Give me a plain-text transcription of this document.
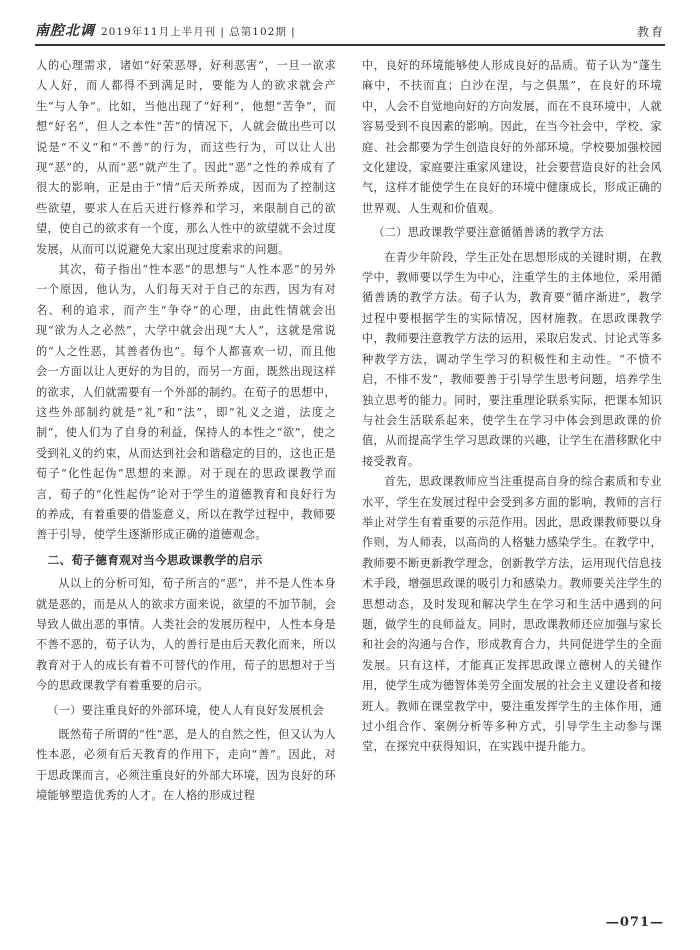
南腔北调 2019年11月上半月刊 | 总第102期 |	教育

人的心理需求，诸如“好荣恶辱，好利恶害”，一旦一欲求人人好，而人都得不到满足时，要能为人的欲求就会产生“与人争”。比如，当他出现了“好利”，他想“苦争”，而想“好名”，但人之本性“苦”的情况下，人就会做出些可以说是“不义”和“不善”的行为，而这些行为，可以让人出现“恶”的，从而“恶”就产生了。因此“恶”之性的养成有了很大的影响，正是由于“情”后天所养成，因而为了控制这些欲望，要求人在后天进行修养和学习，来限制自己的欲望，使自己的欲求有一个度，那么人性中的欲望就不会过度发展，从而可以说避免大家出现过度索求的问题。

其次，荀子指出“性本恶”的思想与“人性本恶”的另外一个原因，他认为，人们每天对于自己的东西，因为有对名、利的追求，而产生“争夺”的心理，由此性情就会出现“欲为人之必然”，大学中就会出现“大人”，这就是常说的“人之性恶，其善者伪也”。每个人都喜欢一切，而且他会一方面以让人更好的为目的，而另一方面，既然出现这样的欲求，人们就需要有一个外部的制约。在荀子的思想中，这些外部制约就是“礼”和“法”，即“礼义之道，法度之制”，使人们为了自身的利益，保持人的本性之“欲”，使之受到礼义的约束，从而达到社会和谐稳定的目的，这也正是荀子“化性起伪”思想的来源。对于现在的思政课教学而言，荀子的“化性起伪”论对于学生的道德教育和良好行为的养成，有着重要的借鉴意义，所以在教学过程中，教师要善于引导，使学生逐渐形成正确的道德观念。

二、荀子德育观对当今思政课教学的启示

从以上的分析可知，荀子所言的“恶”，并不是人性本身就是恶的，而是从人的欲求方面来说，欲望的不加节制，会导致人做出恶的事情。人类社会的发展历程中，人性本身是不善不恶的，荀子认为，人的善行是由后天教化而来，所以教育对于人的成长有着不可替代的作用，荀子的思想对于当今的思政课教学有着重要的启示。

（一）要注重良好的外部环境，使人人有良好发展机会

既然荀子所谓的“性”恶，是人的自然之性，但又认为人性本恶，必须有后天教育的作用下，走向“善”。因此，对于思政课而言，必须注重良好的外部大环境，因为良好的环境能够塑造优秀的人才。在人格的形成过程

中，良好的环境能够使人形成良好的品质。荀子认为“蓬生麻中，不扶而直；白沙在涅，与之俱黑”，在良好的环境中，人会不自觉地向好的方向发展，而在不良环境中，人就容易受到不良因素的影响。因此，在当今社会中，学校、家庭、社会都要为学生创造良好的外部环境。学校要加强校园文化建设，家庭要注重家风建设，社会要营造良好的社会风气，这样才能使学生在良好的环境中健康成长，形成正确的世界观、人生观和价值观。

（二）思政课教学要注意循循善诱的教学方法

在青少年阶段，学生正处在思想形成的关键时期，在教学中，教师要以学生为中心，注重学生的主体地位，采用循循善诱的教学方法。荀子认为，教育要“循序渐进”，教学过程中要根据学生的实际情况，因材施教。在思政课教学中，教师要注意教学方法的运用，采取启发式、讨论式等多种教学方法，调动学生学习的积极性和主动性。“不愤不启，不悱不发”，教师要善于引导学生思考问题，培养学生独立思考的能力。同时，要注重理论联系实际，把课本知识与社会生活联系起来，使学生在学习中体会到思政课的价值，从而提高学生学习思政课的兴趣，让学生在潜移默化中接受教育。

首先，思政课教师应当注重提高自身的综合素质和专业水平，学生在发展过程中会受到多方面的影响，教师的言行举止对学生有着重要的示范作用。因此，思政课教师要以身作则，为人师表，以高尚的人格魅力感染学生。在教学中，教师要不断更新教学理念，创新教学方法，运用现代信息技术手段，增强思政课的吸引力和感染力。教师要关注学生的思想动态，及时发现和解决学生在学习和生活中遇到的问题，做学生的良师益友。同时，思政课教师还应加强与家长和社会的沟通与合作，形成教育合力，共同促进学生的全面发展。只有这样，才能真正发挥思政课立德树人的关键作用，使学生成为德智体美劳全面发展的社会主义建设者和接班人。教师在课堂教学中，要注重发挥学生的主体作用，通过小组合作、案例分析等多种方式，引导学生主动参与课堂，在探究中获得知识，在实践中提升能力。

—071—
